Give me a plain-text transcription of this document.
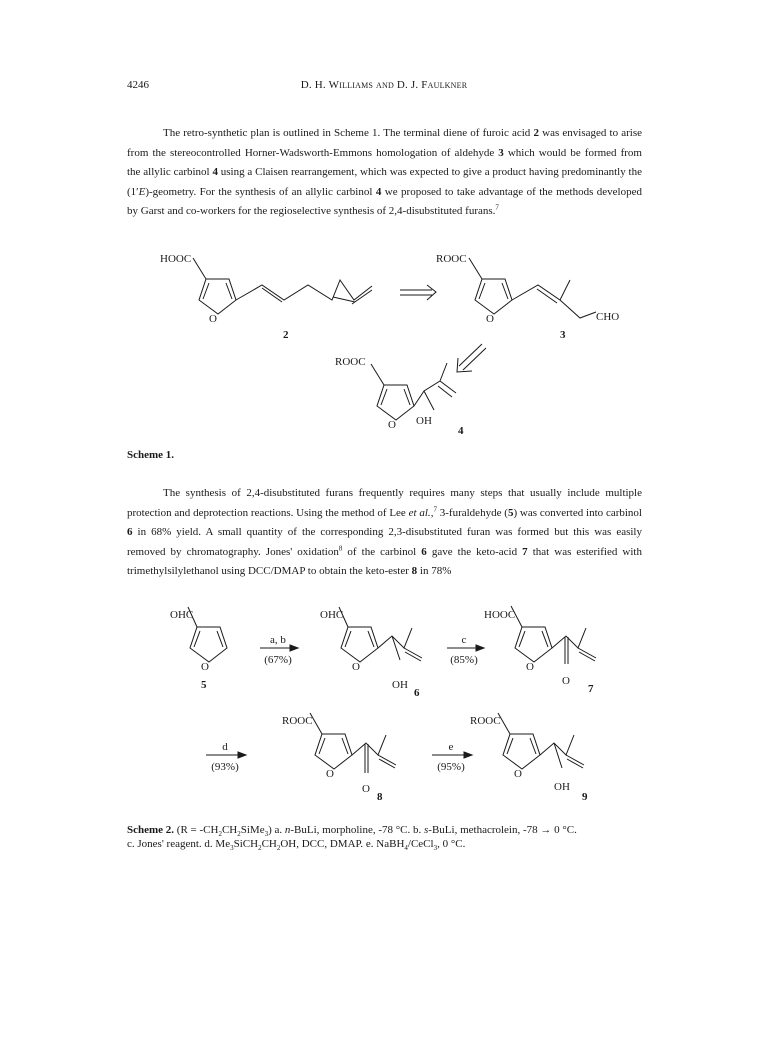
4246	D. H. Williams and D. J. Faulkner

The retro-synthetic plan is outlined in Scheme 1. The terminal diene of furoic acid 2 was envisaged to arise from the stereocontrolled Horner-Wadsworth-Emmons homologation of aldehyde 3 which would be formed from the allylic carbinol 4 using a Claisen rearrangement, which was expected to give a product having predominantly the (1′E)-geometry. For the synthesis of an allylic carbinol 4 we proposed to take advantage of the methods developed by Garst and co-workers for the regioselective synthesis of 2,4-disubstituted furans.$^7$

HOOC
O
ROOC
O	CHO
ROOC
O OH
2	3
4
Scheme 1.

The synthesis of 2,4-disubstituted furans frequently requires many steps that usually include multiple protection and deprotection reactions. Using the method of Lee et al.,$^7$ 3-furaldehyde (5) was converted into carbinol 6 in 68% yield. A small quantity of the corresponding 2,3-disubstituted furan was formed but this was easily removed by chromatography. Jones' oxidation$^8$ of the carbinol 6 gave the keto-acid 7 that was esterified with trimethylsilylethanol using DCC/DMAP to obtain the keto-ester 8 in 78%

OHC
O
OHC
O
OH
HOOC
O
O
ROOC
O
O
ROOC
O
OH
a, b
(67%)
c
(85%)
d
(93%)
e
(95%)
5
6	7
8	9
Scheme 2. $(R = -CH_2CH_2SiMe_3)$ a. n-BuLi, morpholine, -78 °C. b. s-BuLi, methacrolein, -78 → 0 °C.
c. Jones' reagent. d. $Me_3SiCH_2CH_2OH$, DCC, DMAP. e. NaBH$_4$/CeCl$_3$, 0 °C.
